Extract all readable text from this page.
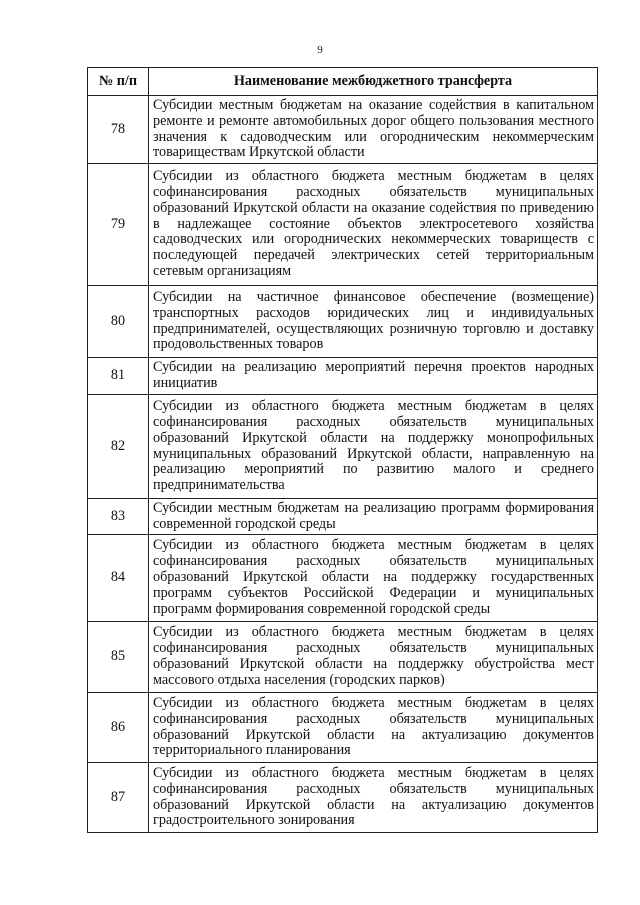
9
№ п/п	Наименование межбюджетного трансферта
78	Субсидии местным бюджетам на оказание содействия в капитальном ремонте и ремонте автомобильных дорог общего пользования местного значения к садоводческим или огородническим некоммерческим товариществам Иркутской области
79	Субсидии из областного бюджета местным бюджетам в целях софинансирования расходных обязательств муниципальных образований Иркутской области на оказание содействия по приведению в надлежащее состояние объектов электросетевого хозяйства садоводческих или огороднических некоммерческих товариществ с последующей передачей электрических сетей территориальным сетевым организациям
80	Субсидии на частичное финансовое обеспечение (возмещение) транспортных расходов юридических лиц и индивидуальных предпринимателей, осуществляющих розничную торговлю и доставку продовольственных товаров
81	Субсидии на реализацию мероприятий перечня проектов народных инициатив
82	Субсидии из областного бюджета местным бюджетам в целях софинансирования расходных обязательств муниципальных образований Иркутской области на поддержку монопрофильных муниципальных образований Иркутской области, направленную на реализацию мероприятий по развитию малого и среднего предпринимательства
83	Субсидии местным бюджетам на реализацию программ формирования современной городской среды
84	Субсидии из областного бюджета местным бюджетам в целях софинансирования расходных обязательств муниципальных образований Иркутской области на поддержку государственных программ субъектов Российской Федерации и муниципальных программ формирования современной городской среды
85	Субсидии из областного бюджета местным бюджетам в целях софинансирования расходных обязательств муниципальных образований Иркутской области на поддержку обустройства мест массового отдыха населения (городских парков)
86	Субсидии из областного бюджета местным бюджетам в целях софинансирования расходных обязательств муниципальных образований Иркутской области на актуализацию документов территориального планирования
87	Субсидии из областного бюджета местным бюджетам в целях софинансирования расходных обязательств муниципальных образований Иркутской области на актуализацию документов градостроительного зонирования
